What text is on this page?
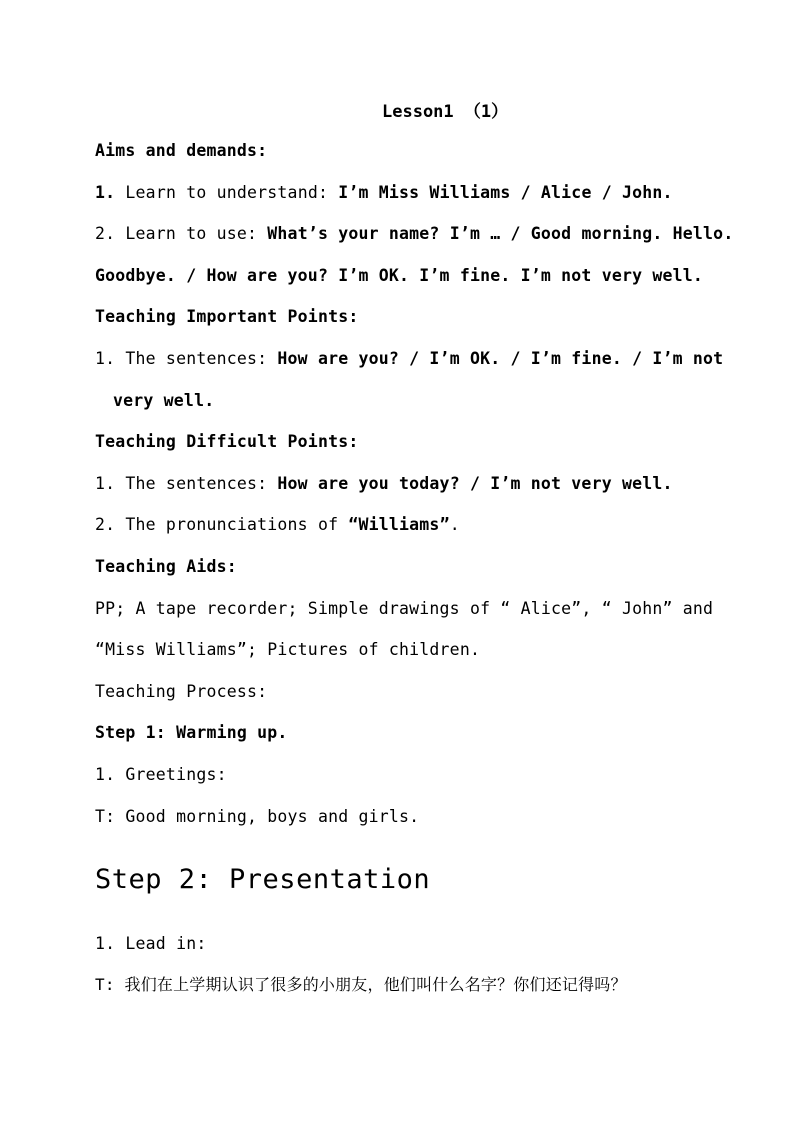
Lesson1 （1）
Aims and demands:
1. Learn to understand: I’m Miss Williams / Alice / John.
2. Learn to use: What’s your name? I’m … / Good morning. Hello.
Goodbye. / How are you? I’m OK. I’m fine. I’m not very well.
Teaching Important Points:
1. The sentences: How are you? / I’m OK. / I’m fine. / I’m not
very well.
Teaching Difficult Points:
1. The sentences: How are you today? / I’m not very well.
2. The pronunciations of “Williams”.
Teaching Aids:
PP; A tape recorder; Simple drawings of “ Alice”, “ John” and
“Miss Williams”; Pictures of children.
Teaching Process:
Step 1: Warming up.
1. Greetings:
T: Good morning, boys and girls.
Step 2: Presentation
1. Lead in:
T: 我们在上学期认识了很多的小朋友，他们叫什么名字？你们还记得吗？
